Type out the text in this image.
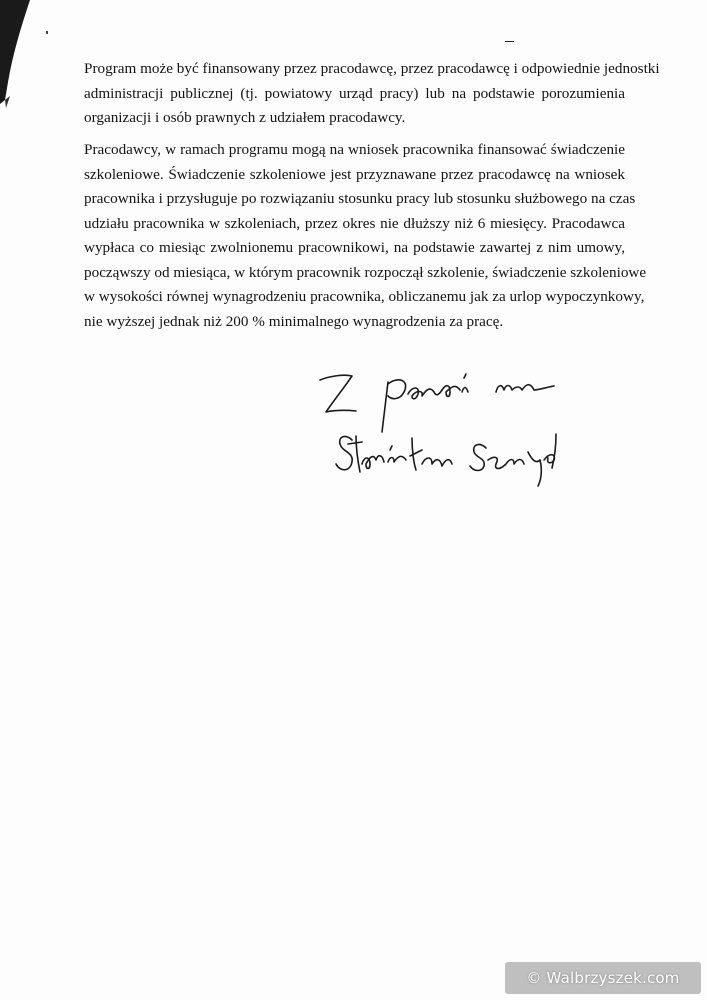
Program może być finansowany przez pracodawcę, przez pracodawcę i odpowiednie jednostki
administracji publicznej (tj. powiatowy urząd pracy) lub na podstawie porozumienia
organizacji i osób prawnych z udziałem pracodawcy.

Pracodawcy, w ramach programu mogą na wniosek pracownika finansować świadczenie
szkoleniowe. Świadczenie szkoleniowe jest przyznawane przez pracodawcę na wniosek
pracownika i przysługuje po rozwiązaniu stosunku pracy lub stosunku służbowego na czas
udziału pracownika w szkoleniach, przez okres nie dłuższy niż 6 miesięcy. Pracodawca
wypłaca co miesiąc zwolnionemu pracownikowi, na podstawie zawartej z nim umowy,
począwszy od miesiąca, w którym pracownik rozpoczął szkolenie, świadczenie szkoleniowe
w wysokości równej wynagrodzeniu pracownika, obliczanemu jak za urlop wypoczynkowy,
nie wyższej jednak niż 200 % minimalnego wynagrodzenia za pracę.

© Walbrzyszek.com
